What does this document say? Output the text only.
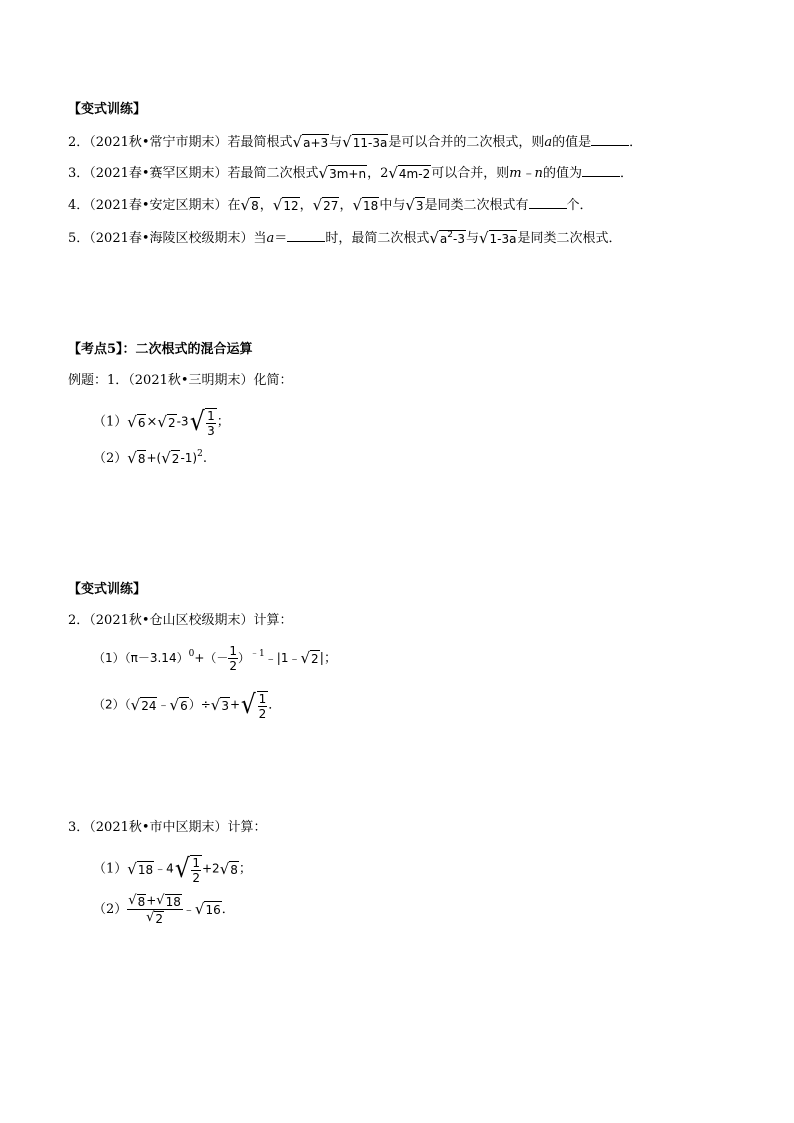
【变式训练】
2．（2021秋•常宁市期末）若最简根式 √ a+3 与 √ 11-3a 是可以合并的二次根式，则a的值是	．
3．（2021春•赛罕区期末）若最简二次根式 √ 3m+n ，2 √ 4m-2 可以合并，则m﹣n的值为	．
4．（2021春•安定区期末）在 √ 8 ， √ 12 ， √ 27 ， √ 18 中与 √ 3 是同类二次根式有	个．
5．（2021春•海陵区校级期末）当a＝	时，最简二次根式 √ $a^2-3$ 与 √ 1-3a 是同类二次根式．
【考点5】：二次根式的混合运算
例题：1．（2021秋•三明期末）化简：
（1） √ 6 × √ 2 -3 √ $\frac{1}{3}$ ；
（2） √ 8 +( √ 2 -1)$^2$.
【变式训练】
2．（2021秋•仓山区校级期末）计算：
$(1)(\pi-3.14)^0+(- \frac{1}{2}$ ）$^{﹣1}﹣|1﹣$ √ 2 |；
（2）（ √ 24 ﹣ √ 6 ）÷ √ 3 + √ $\frac{1}{2}$ ．
3．（2021秋•市中区期末）计算：
（1） √ 18 ﹣4 √ $\frac{1}{2} +2$ √ 8 ；
$(2) \frac{√ 8 + √ 18}{√ 2}$ ﹣ √ 16 ．
